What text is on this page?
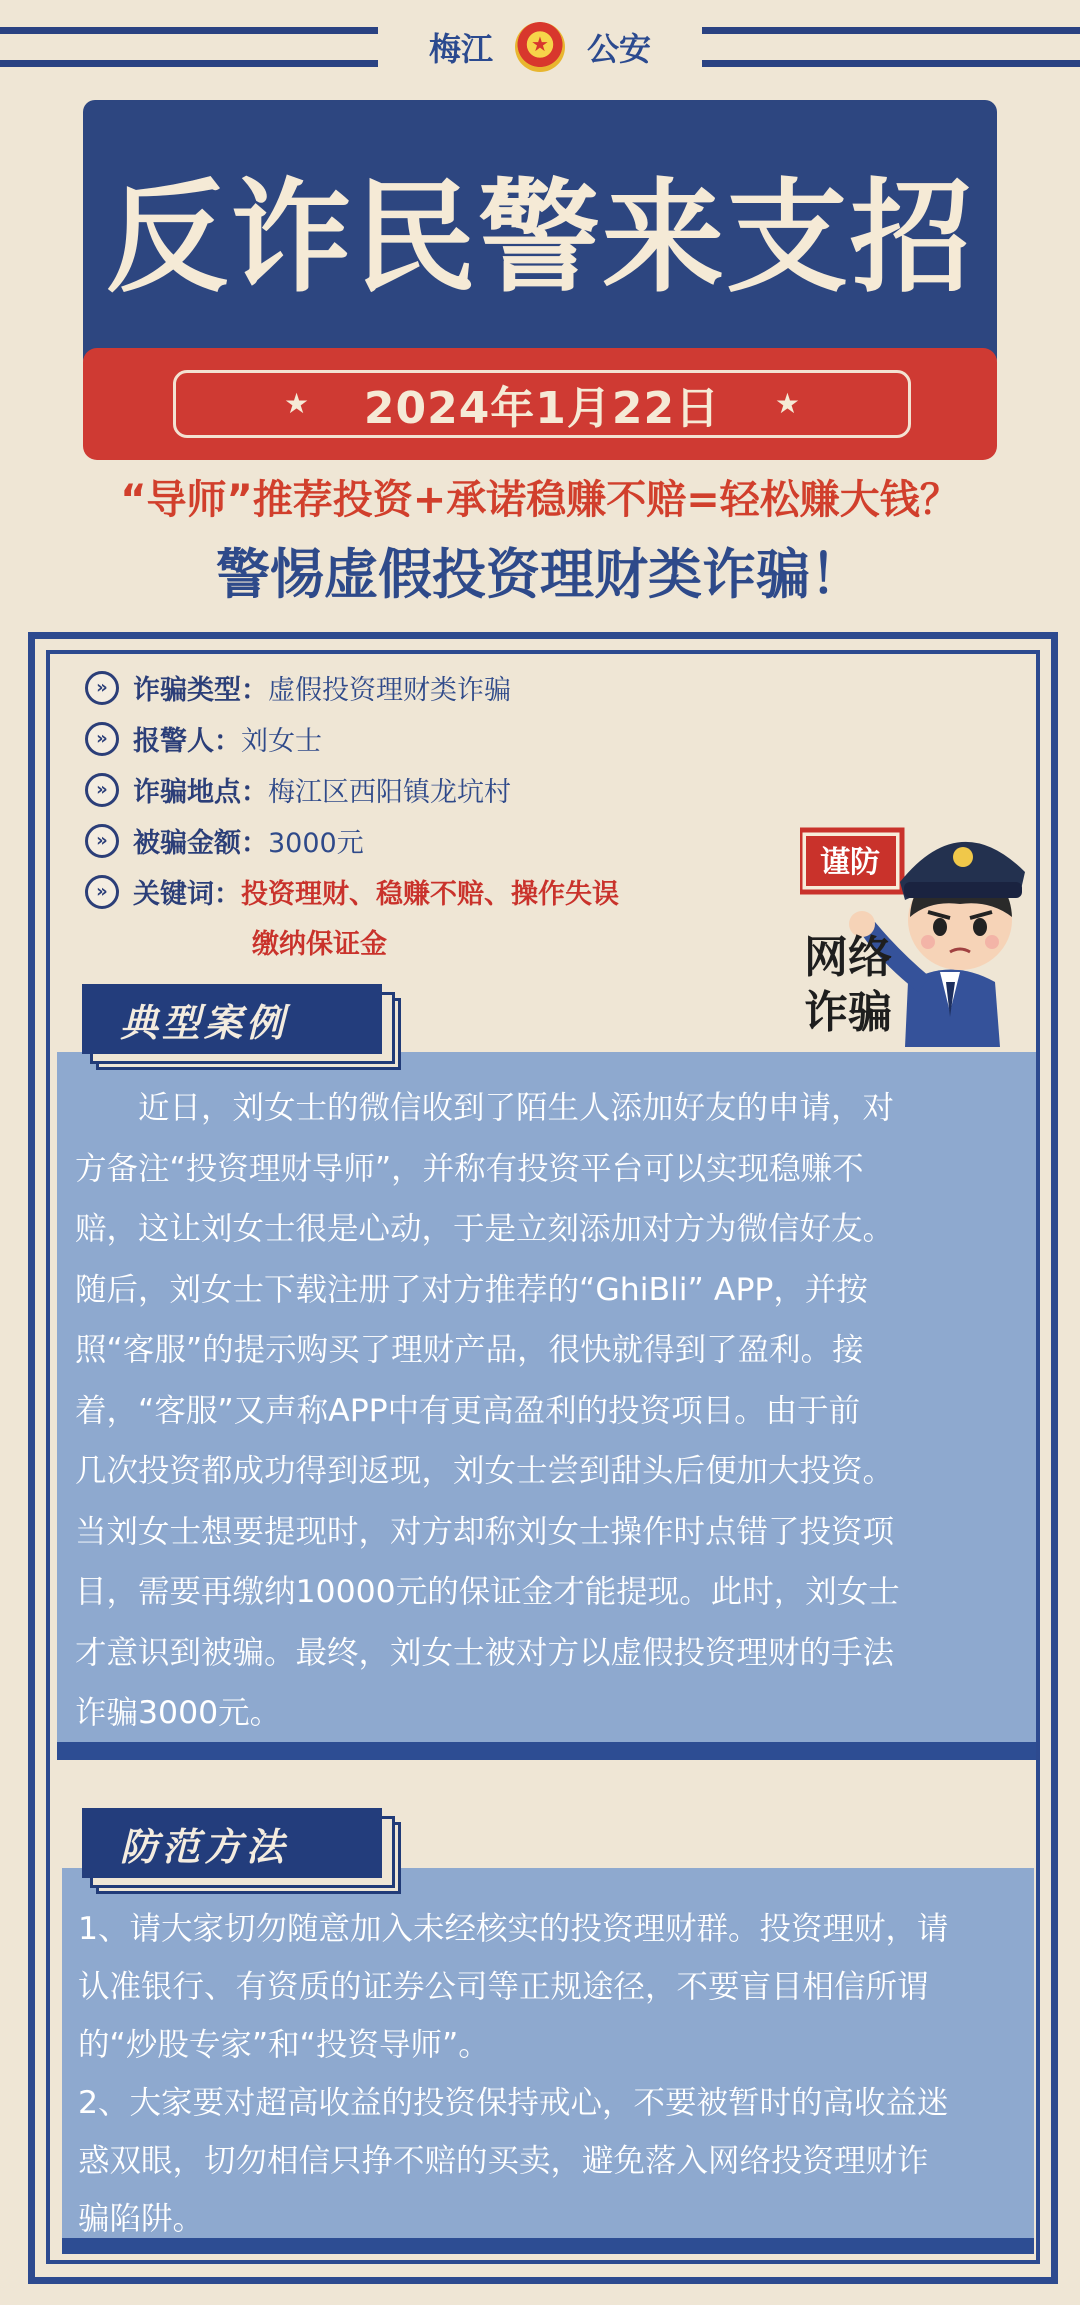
梅江
★	公安
反诈民警来支招
★ 2024年1月22日 ★
“导师”推荐投资+承诺稳赚不赔=轻松赚大钱？
警惕虚假投资理财类诈骗！
» 诈骗类型： 虚假投资理财类诈骗
» 报警人： 刘女士
» 诈骗地点： 梅江区西阳镇龙坑村
» 被骗金额： 3000元
» 关键词： 投资理财、稳赚不赔、操作失误
缴纳保证金
谨防
网络
诈骗
典型案例

　　近日，刘女士的微信收到了陌生人添加好友的申请，对

方备注“投资理财导师”，并称有投资平台可以实现稳赚不

赔，这让刘女士很是心动，于是立刻添加对方为微信好友。

随后，刘女士下载注册了对方推荐的“GhiBli” APP，并按

照“客服”的提示购买了理财产品，很快就得到了盈利。接

着，“客服”又声称APP中有更高盈利的投资项目。由于前

几次投资都成功得到返现，刘女士尝到甜头后便加大投资。

当刘女士想要提现时，对方却称刘女士操作时点错了投资项

目，需要再缴纳10000元的保证金才能提现。此时，刘女士

才意识到被骗。最终，刘女士被对方以虚假投资理财的手法

诈骗3000元。

防范方法

1、请大家切勿随意加入未经核实的投资理财群。投资理财，请

认准银行、有资质的证券公司等正规途径，不要盲目相信所谓

的“炒股专家”和“投资导师”。

2、大家要对超高收益的投资保持戒心，不要被暂时的高收益迷

惑双眼，切勿相信只挣不赔的买卖，避免落入网络投资理财诈

骗陷阱。
